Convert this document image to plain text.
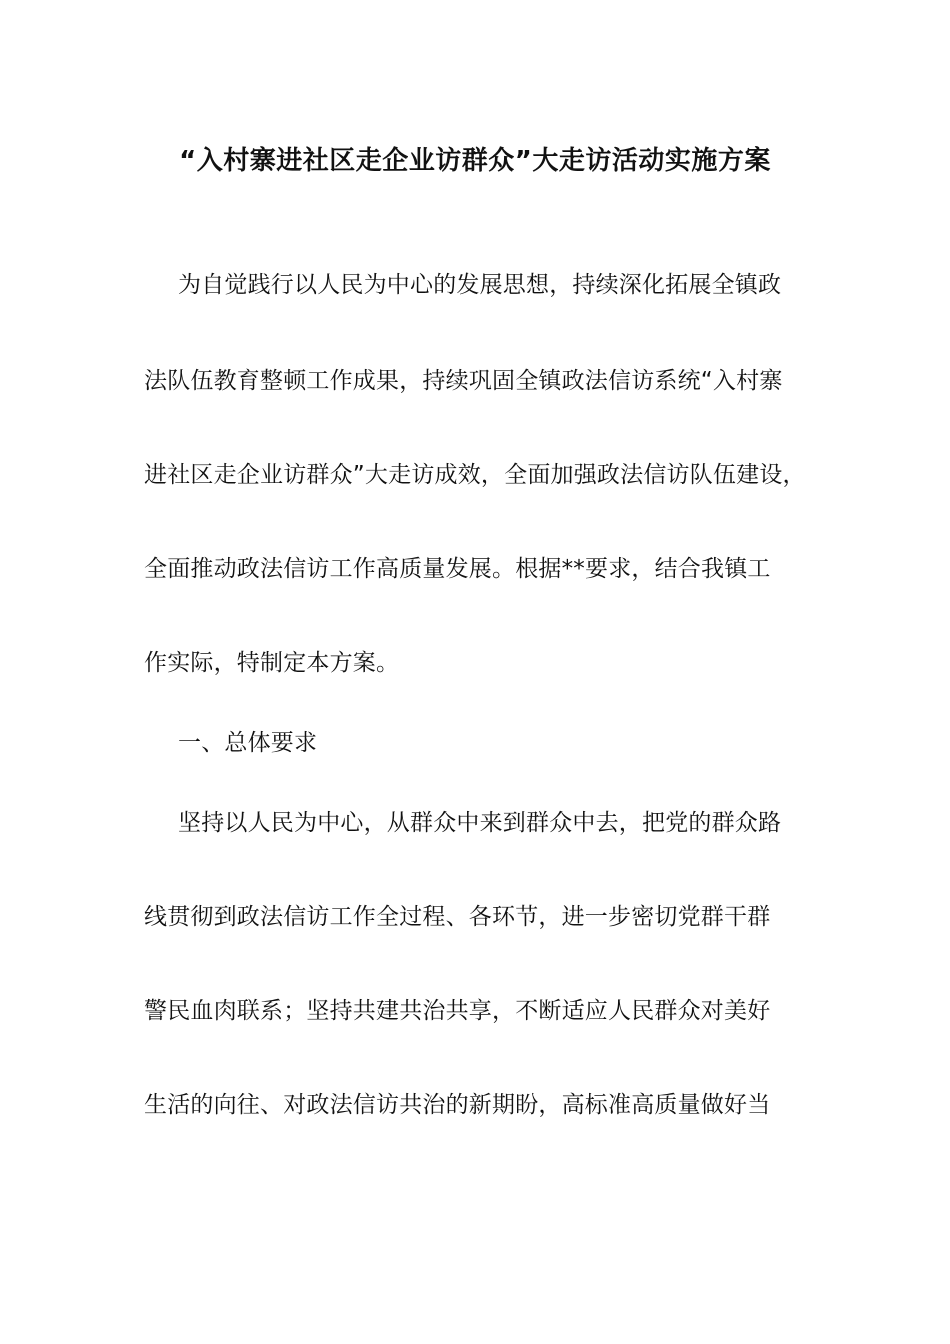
“入村寨进社区走企业访群众”大走访活动实施方案
为自觉践行以人民为中心的发展思想，持续深化拓展全镇政
法队伍教育整顿工作成果，持续巩固全镇政法信访系统“入村寨
进社区走企业访群众”大走访成效，全面加强政法信访队伍建设，
全面推动政法信访工作高质量发展。根据**要求，结合我镇工
作实际，特制定本方案。
一、总体要求
坚持以人民为中心，从群众中来到群众中去，把党的群众路
线贯彻到政法信访工作全过程、各环节，进一步密切党群干群
警民血肉联系；坚持共建共治共享，不断适应人民群众对美好
生活的向往、对政法信访共治的新期盼，高标准高质量做好当
